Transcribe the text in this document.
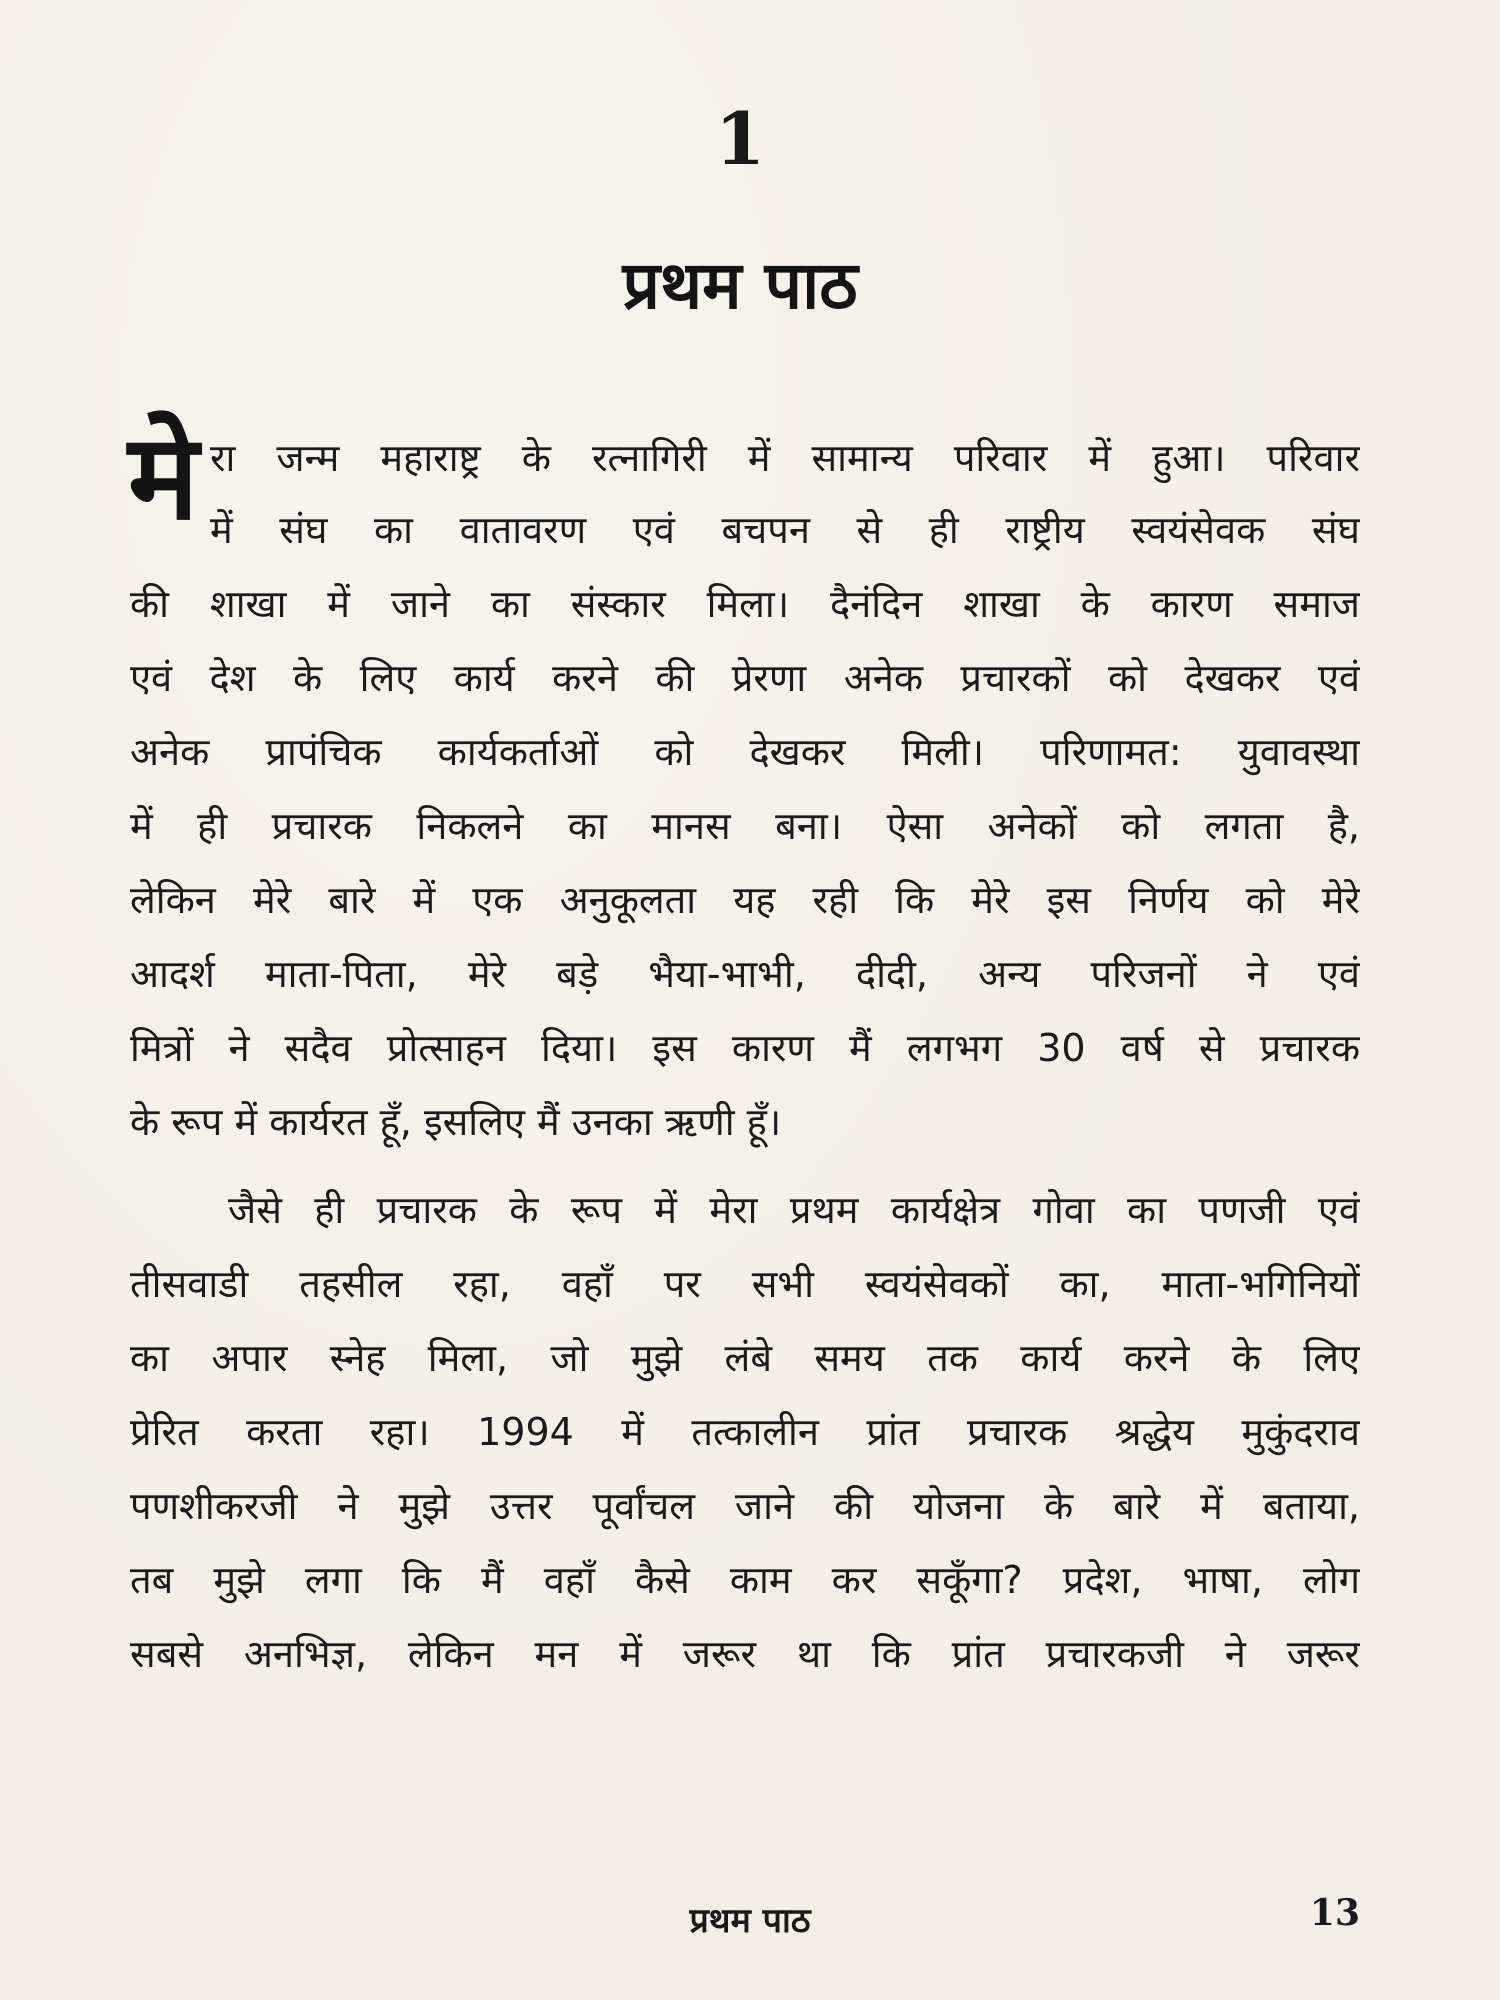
1
प्रथम पाठ
मे रा जन्म महाराष्ट्र के रत्नागिरी में सामान्य परिवार में हुआ। परिवार
में संघ का वातावरण एवं बचपन से ही राष्ट्रीय स्वयंसेवक संघ
की शाखा में जाने का संस्कार मिला। दैनंदिन शाखा के कारण समाज
एवं देश के लिए कार्य करने की प्रेरणा अनेक प्रचारकों को देखकर एवं
अनेक प्रापंचिक कार्यकर्ताओं को देखकर मिली। परिणामत: युवावस्था
में ही प्रचारक निकलने का मानस बना। ऐसा अनेकों को लगता है,
लेकिन मेरे बारे में एक अनुकूलता यह रही कि मेरे इस निर्णय को मेरे
आदर्श माता-पिता, मेरे बड़े भैया-भाभी, दीदी, अन्य परिजनों ने एवं
मित्रों ने सदैव प्रोत्साहन दिया। इस कारण मैं लगभग 30 वर्ष से प्रचारक
के रूप में कार्यरत हूँ, इसलिए मैं उनका ऋणी हूँ।
जैसे ही प्रचारक के रूप में मेरा प्रथम कार्यक्षेत्र गोवा का पणजी एवं
तीसवाडी तहसील रहा, वहाँ पर सभी स्वयंसेवकों का, माता-भगिनियों
का अपार स्नेह मिला, जो मुझे लंबे समय तक कार्य करने के लिए
प्रेरित करता रहा। 1994 में तत्कालीन प्रांत प्रचारक श्रद्धेय मुकुंदराव
पणशीकरजी ने मुझे उत्तर पूर्वांचल जाने की योजना के बारे में बताया,
तब मुझे लगा कि मैं वहाँ कैसे काम कर सकूँगा? प्रदेश, भाषा, लोग
सबसे अनभिज्ञ, लेकिन मन में जरूर था कि प्रांत प्रचारकजी ने जरूर
प्रथम पाठ	13
